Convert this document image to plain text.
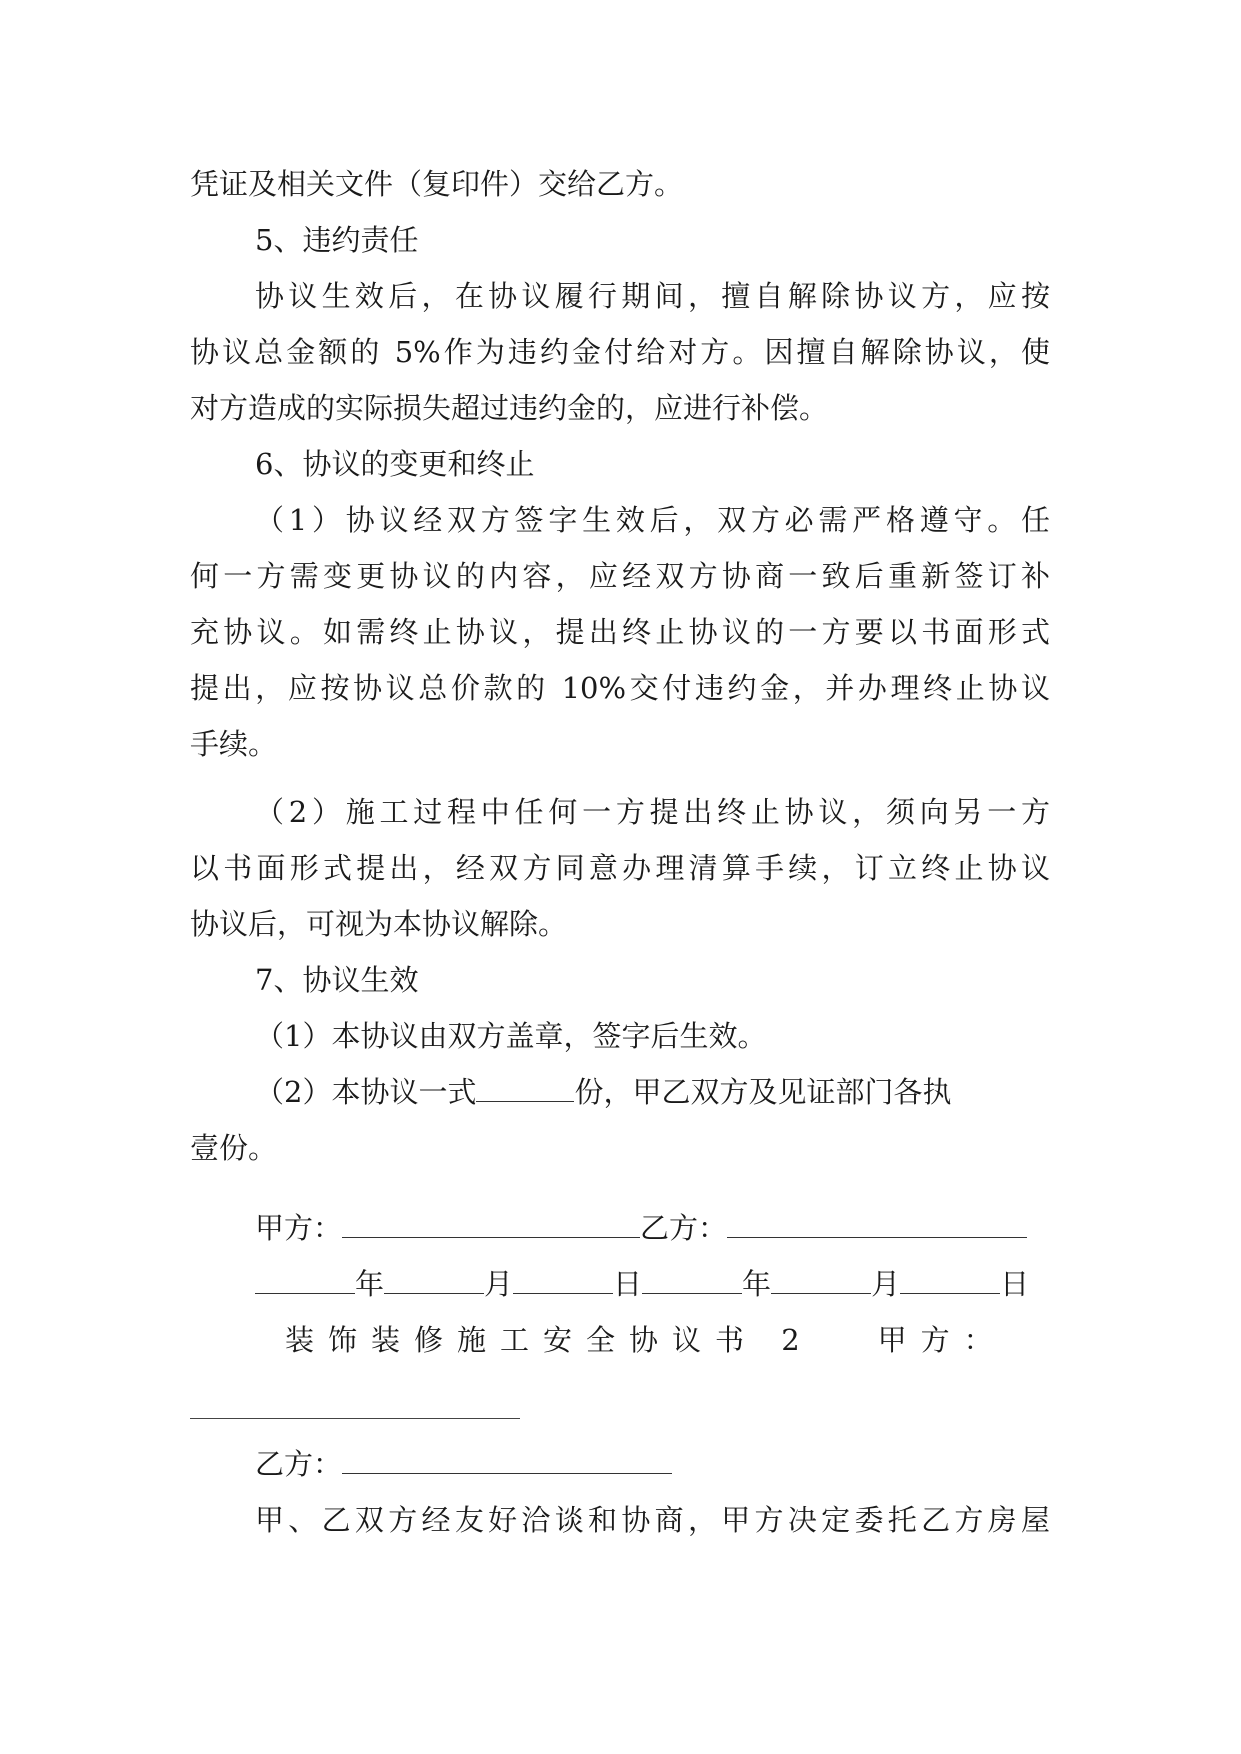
凭证及相关文件（复印件）交给乙方。
5、违约责任
协议生效后，在协议履行期间，擅自解除协议方，应按
协议总金额的 5%作为违约金付给对方。因擅自解除协议，使
对方造成的实际损失超过违约金的，应进行补偿。
6、协议的变更和终止
（1）协议经双方签字生效后，双方必需严格遵守。任
何一方需变更协议的内容，应经双方协商一致后重新签订补
充协议。如需终止协议，提出终止协议的一方要以书面形式
提出，应按协议总价款的 10%交付违约金，并办理终止协议
手续。
（2）施工过程中任何一方提出终止协议，须向另一方
以书面形式提出，经双方同意办理清算手续，订立终止协议
协议后，可视为本协议解除。
7、协议生效
（1）本协议由双方盖章，签字后生效。
（2）本协议一式	份，甲乙双方及见证部门各执
壹份。
甲方：	乙方：
年	月	日	年	月	日
装饰装修施工安全协议书 2 甲方：
乙方：
甲、乙双方经友好洽谈和协商，甲方决定委托乙方房屋
